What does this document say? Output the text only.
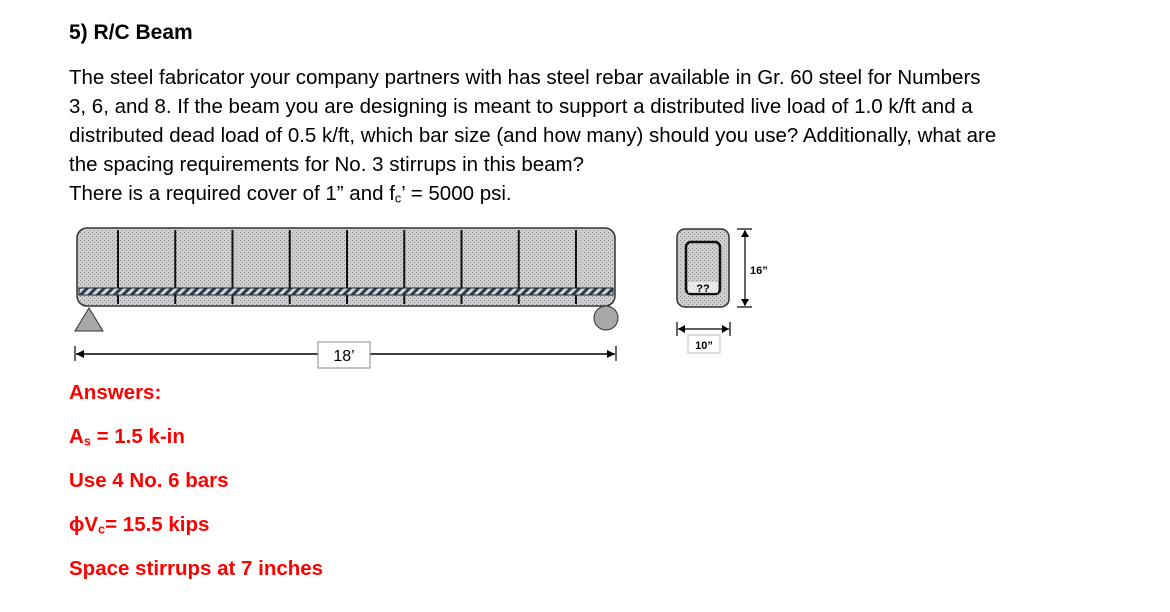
5) R/C Beam
The steel fabricator your company partners with has steel rebar available in Gr. 60 steel for Numbers
3, 6, and 8. If the beam you are designing is meant to support a distributed live load of 1.0 k/ft and a
distributed dead load of 0.5 k/ft, which bar size (and how many) should you use? Additionally, what are
the spacing requirements for No. 3 stirrups in this beam?
There is a required cover of 1” and fc’ = 5000 psi.
18’
??
16”
10”
Answers:
As = 1.5 k-in
Use 4 No. 6 bars
ϕVc= 15.5 kips
Space stirrups at 7 inches
